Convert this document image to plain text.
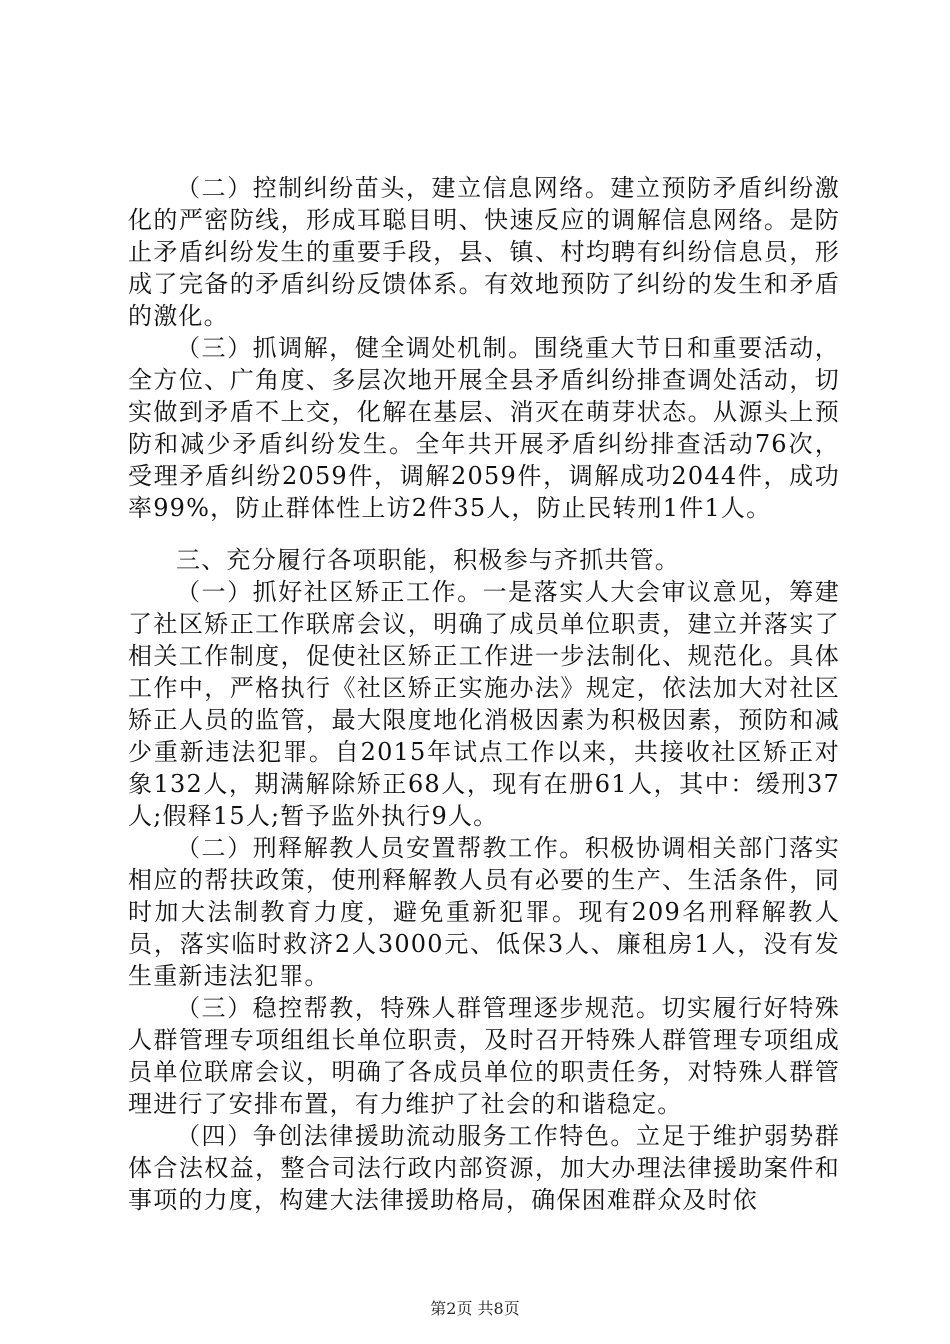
（二）控制纠纷苗头，建立信息网络。建立预防矛盾纠纷激化的严密防线，形成耳聪目明、快速反应的调解信息网络。是防止矛盾纠纷发生的重要手段，县、镇、村均聘有纠纷信息员，形成了完备的矛盾纠纷反馈体系。有效地预防了纠纷的发生和矛盾的激化。

（三）抓调解，健全调处机制。围绕重大节日和重要活动，全方位、广角度、多层次地开展全县矛盾纠纷排查调处活动，切实做到矛盾不上交，化解在基层、消灭在萌芽状态。从源头上预防和减少矛盾纠纷发生。全年共开展矛盾纠纷排查活动76次，受理矛盾纠纷2059件，调解2059件，调解成功2044件，成功率99%，防止群体性上访2件35人，防止民转刑1件1人。

三、充分履行各项职能，积极参与齐抓共管。

（一）抓好社区矫正工作。一是落实人大会审议意见，筹建了社区矫正工作联席会议，明确了成员单位职责，建立并落实了相关工作制度，促使社区矫正工作进一步法制化、规范化。具体工作中，严格执行《社区矫正实施办法》规定，依法加大对社区矫正人员的监管，最大限度地化消极因素为积极因素，预防和减少重新违法犯罪。自2015年试点工作以来，共接收社区矫正对象132人，期满解除矫正68人，现有在册61人，其中：缓刑37人;假释15人;暂予监外执行9人。

（二）刑释解教人员安置帮教工作。积极协调相关部门落实相应的帮扶政策，使刑释解教人员有必要的生产、生活条件，同时加大法制教育力度，避免重新犯罪。现有209名刑释解教人员，落实临时救济2人3000元、低保3人、廉租房1人，没有发生重新违法犯罪。

（三）稳控帮教，特殊人群管理逐步规范。切实履行好特殊人群管理专项组组长单位职责，及时召开特殊人群管理专项组成员单位联席会议，明确了各成员单位的职责任务，对特殊人群管理进行了安排布置，有力维护了社会的和谐稳定。

（四）争创法律援助流动服务工作特色。立足于维护弱势群体合法权益，整合司法行政内部资源，加大办理法律援助案件和事项的力度，构建大法律援助格局，确保困难群众及时依

第2页 共8页
